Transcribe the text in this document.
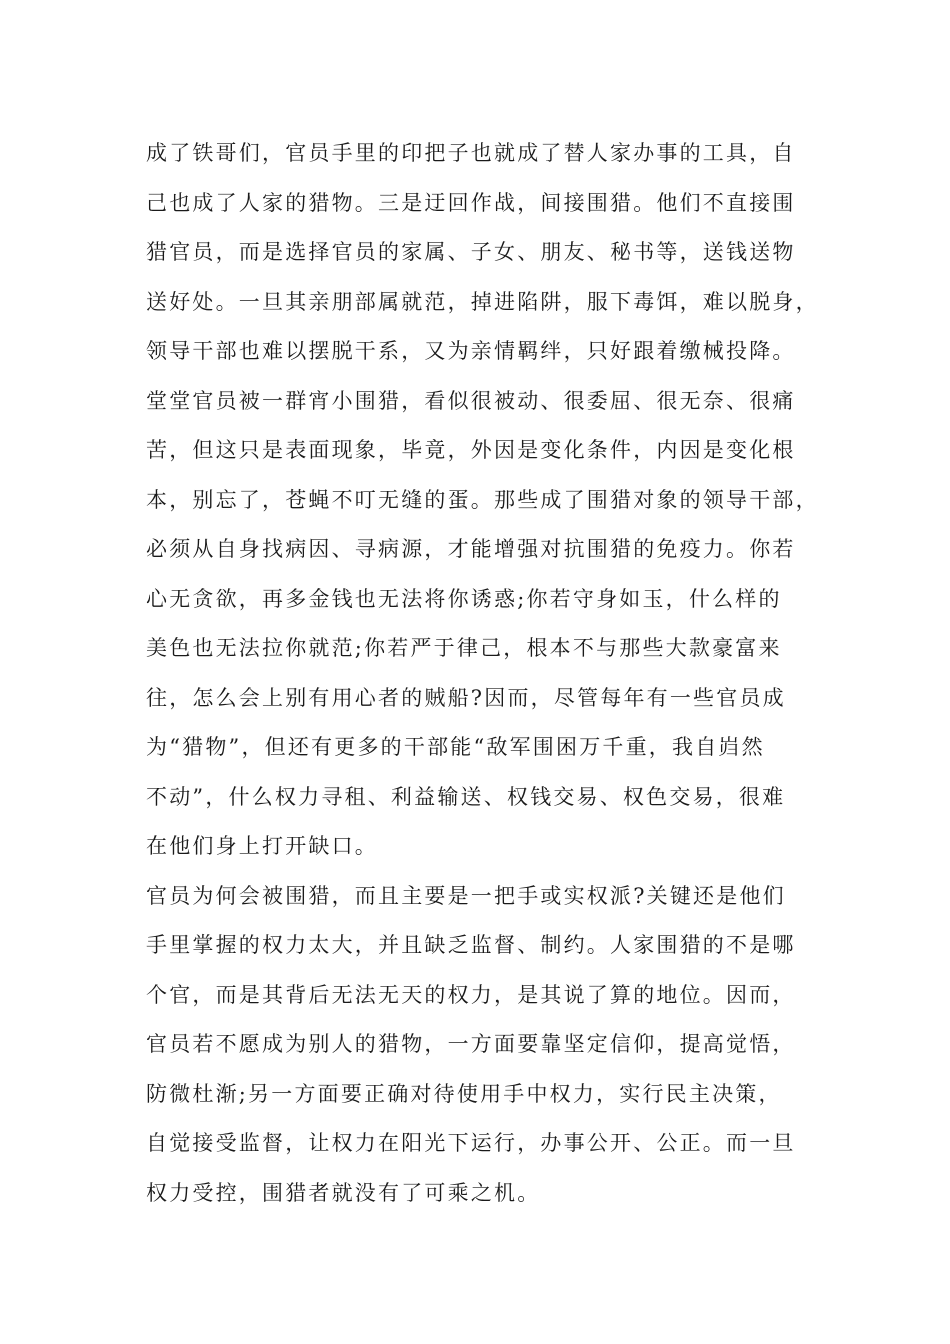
成了铁哥们，官员手里的印把子也就成了替人家办事的工具，自
己也成了人家的猎物。三是迂回作战，间接围猎。他们不直接围
猎官员，而是选择官员的家属、子女、朋友、秘书等，送钱送物
送好处。一旦其亲朋部属就范，掉进陷阱，服下毒饵，难以脱身，
领导干部也难以摆脱干系，又为亲情羁绊，只好跟着缴械投降。
堂堂官员被一群宵小围猎，看似很被动、很委屈、很无奈、很痛
苦，但这只是表面现象，毕竟，外因是变化条件，内因是变化根
本，别忘了，苍蝇不叮无缝的蛋。那些成了围猎对象的领导干部，
必须从自身找病因、寻病源，才能增强对抗围猎的免疫力。你若
心无贪欲，再多金钱也无法将你诱惑;你若守身如玉，什么样的
美色也无法拉你就范;你若严于律己，根本不与那些大款豪富来
往，怎么会上别有用心者的贼船?因而，尽管每年有一些官员成
为“猎物”，但还有更多的干部能“敌军围困万千重，我自岿然
不动”，什么权力寻租、利益输送、权钱交易、权色交易，很难
在他们身上打开缺口。
官员为何会被围猎，而且主要是一把手或实权派?关键还是他们
手里掌握的权力太大，并且缺乏监督、制约。人家围猎的不是哪
个官，而是其背后无法无天的权力，是其说了算的地位。因而，
官员若不愿成为别人的猎物，一方面要靠坚定信仰，提高觉悟，
防微杜渐;另一方面要正确对待使用手中权力，实行民主决策，
自觉接受监督，让权力在阳光下运行，办事公开、公正。而一旦
权力受控，围猎者就没有了可乘之机。
